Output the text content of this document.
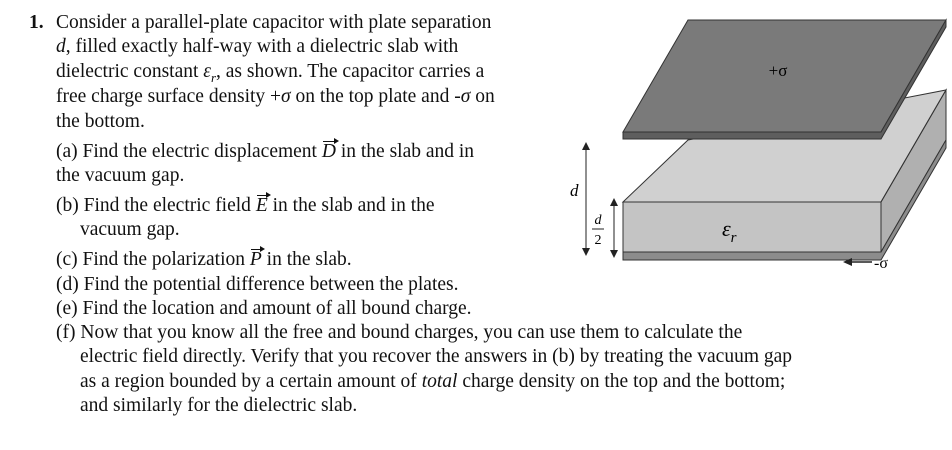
1. Consider a parallel-plate capacitor with plate separation
d, filled exactly half-way with a dielectric slab with
dielectric constant $\varepsilon_r$, as shown. The capacitor carries a
free charge surface density +σ on the top plate and -σ on
the bottom.
(a) Find the electric displacement D in the slab and in
the vacuum gap.
(b) Find the electric field E in the slab and in the
vacuum gap.
(c) Find the polarization P in the slab.
(d) Find the potential difference between the plates.
(e) Find the location and amount of all bound charge.
(f) Now that you know all the free and bound charges, you can use them to calculate the
electric field directly. Verify that you recover the answers in (b) by treating the vacuum gap
as a region bounded by a certain amount of total charge density on the top and the bottom;
and similarly for the dielectric slab.
+σ
$\varepsilon_r$
d
d
2
-σ
